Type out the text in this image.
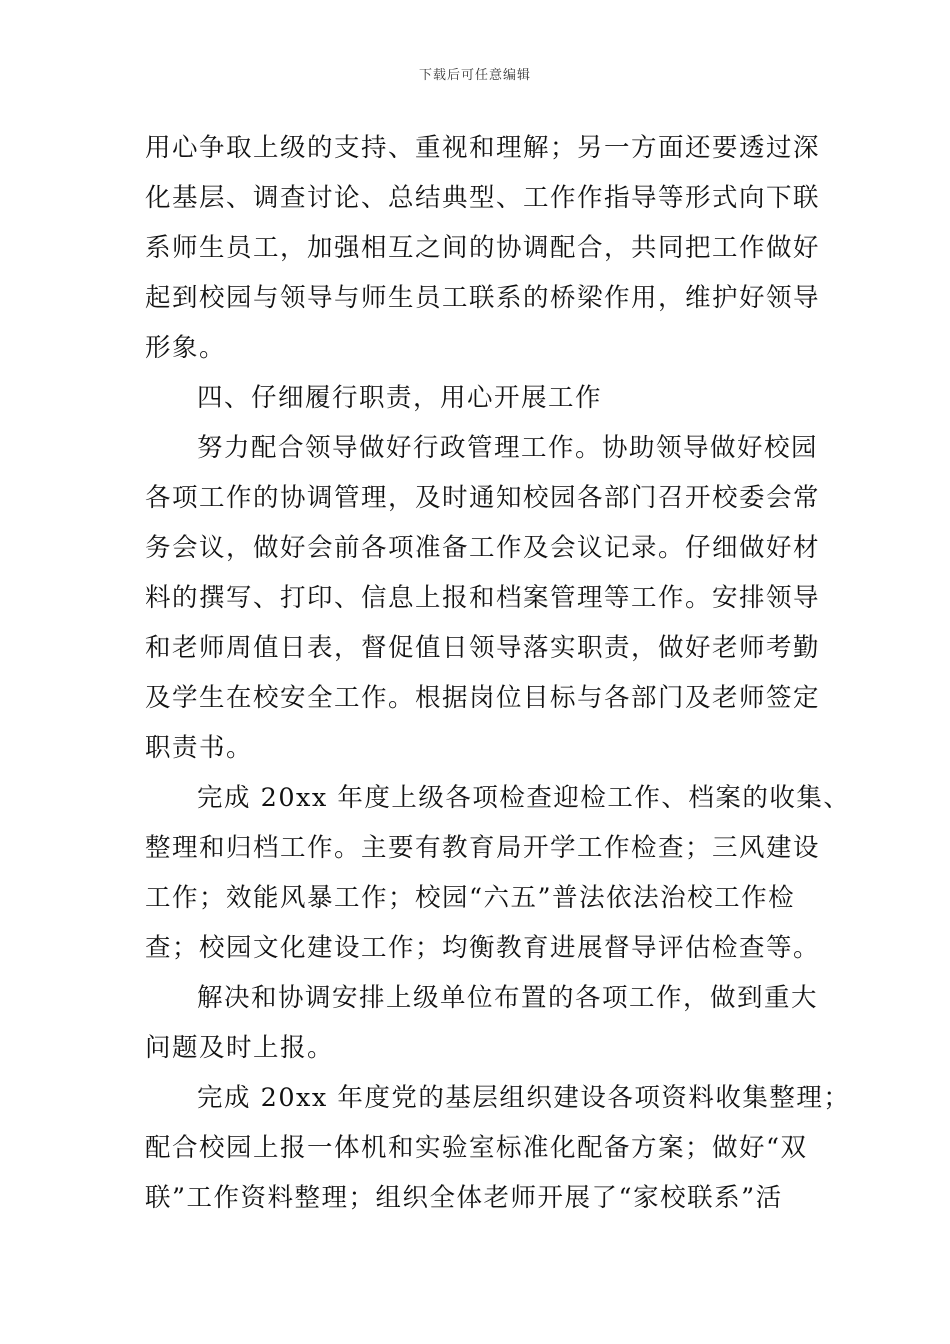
下载后可任意编辑

用心争取上级的支持、重视和理解；另一方面还要透过深
化基层、调查讨论、总结典型、工作作指导等形式向下联
系师生员工，加强相互之间的协调配合，共同把工作做好
起到校园与领导与师生员工联系的桥梁作用，维护好领导
形象。

四、仔细履行职责，用心开展工作

努力配合领导做好行政管理工作。协助领导做好校园
各项工作的协调管理，及时通知校园各部门召开校委会常
务会议，做好会前各项准备工作及会议记录。仔细做好材
料的撰写、打印、信息上报和档案管理等工作。安排领导
和老师周值日表，督促值日领导落实职责，做好老师考勤
及学生在校安全工作。根据岗位目标与各部门及老师签定
职责书。

完成 20xx 年度上级各项检查迎检工作、档案的收集、
整理和归档工作。主要有教育局开学工作检查；三风建设
工作；效能风暴工作；校园“六五”普法依法治校工作检
查；校园文化建设工作；均衡教育进展督导评估检查等。

解决和协调安排上级单位布置的各项工作，做到重大
问题及时上报。

完成 20xx 年度党的基层组织建设各项资料收集整理；
配合校园上报一体机和实验室标准化配备方案；做好“双
联”工作资料整理；组织全体老师开展了“家校联系”活
